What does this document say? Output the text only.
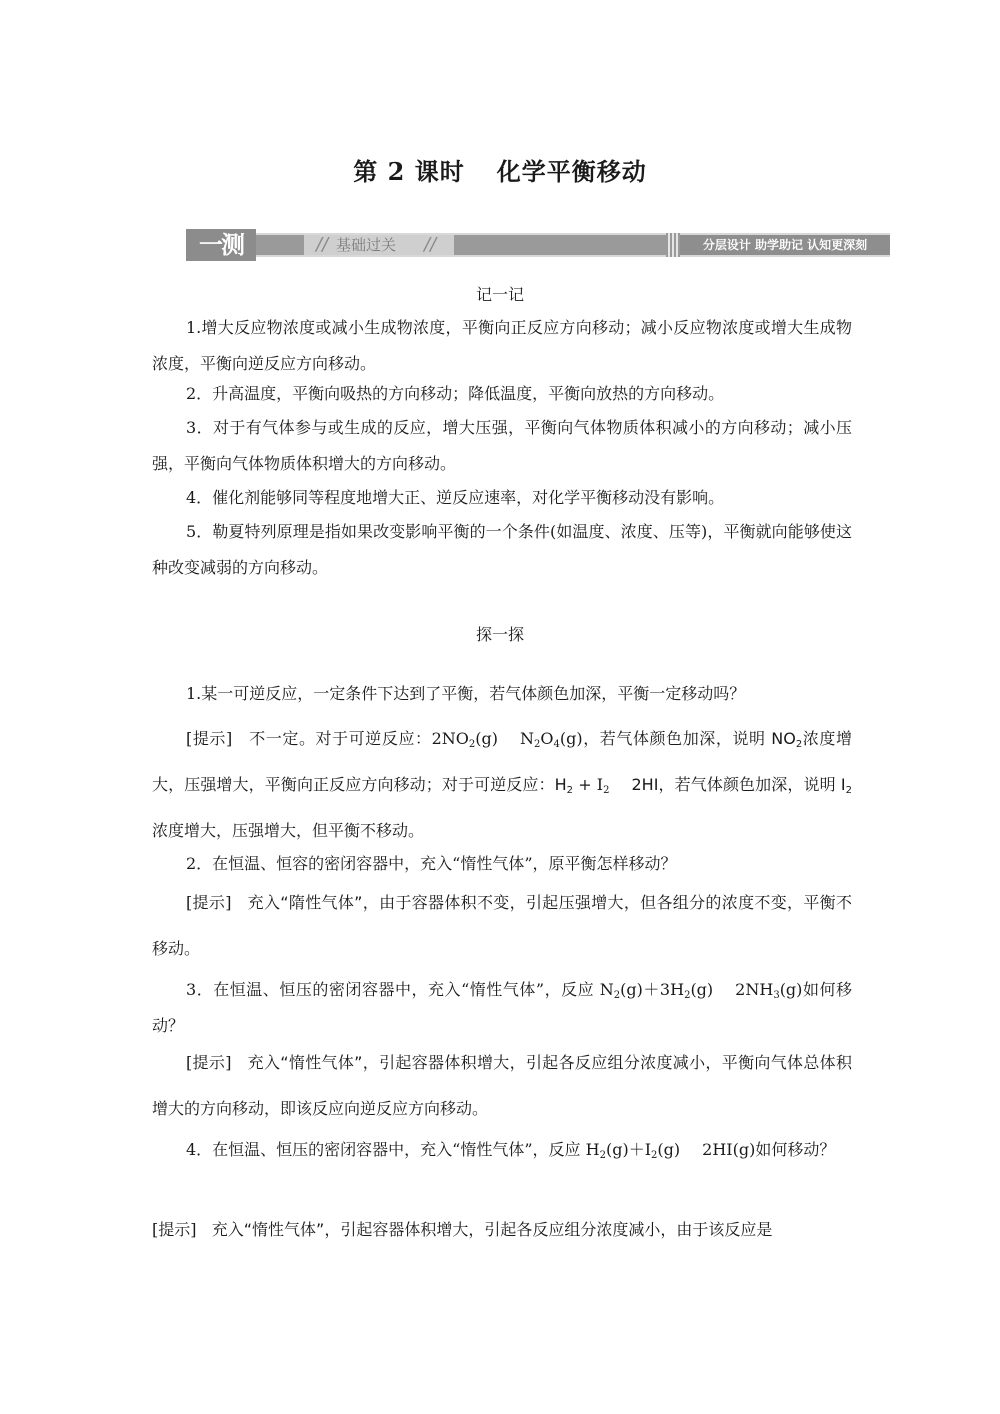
第 2 课时 化学平衡移动
一测	// 基础过关 //	分层设计 助学助记 认知更深刻
记一记
1.增大反应物浓度或减小生成物浓度，平衡向正反应方向移动；减小反应物浓度或增大生成物浓度，平衡向逆反应方向移动。
2．升高温度，平衡向吸热的方向移动；降低温度，平衡向放热的方向移动。
3．对于有气体参与或生成的反应，增大压强，平衡向气体物质体积减小的方向移动；减小压强，平衡向气体物质体积增大的方向移动。
4．催化剂能够同等程度地增大正、逆反应速率，对化学平衡移动没有影响。
5．勒夏特列原理是指如果改变影响平衡的一个条件(如温度、浓度、压等)，平衡就向能够使这种改变减弱的方向移动。
探一探
1.某一可逆反应，一定条件下达到了平衡，若气体颜色加深，平衡一定移动吗？
[提示] 不一定。对于可逆反应：$2NO_2(g)$ $N_2O_4(g)$，若气体颜色加深，说明 $NO_2$浓度增大，压强增大，平衡向正反应方向移动；对于可逆反应：$H_2 + I_2$ 2HI，若气体颜色加深，说明 $I_2$浓度增大，压强增大，但平衡不移动。
2．在恒温、恒容的密闭容器中，充入“惰性气体”，原平衡怎样移动？
[提示] 充入“隋性气体”，由于容器体积不变，引起压强增大，但各组分的浓度不变，平衡不移动。
3．在恒温、恒压的密闭容器中，充入“惰性气体”，反应 $N_2(g)+3H_2(g)$ $2NH_3(g)$如何移动？
[提示] 充入“惰性气体”，引起容器体积增大，引起各反应组分浓度减小，平衡向气体总体积增大的方向移动，即该反应向逆反应方向移动。
4．在恒温、恒压的密闭容器中，充入“惰性气体”，反应 $H_2(g)+I_2(g)$ 2HI(g)如何移动？
[提示] 充入“惰性气体”，引起容器体积增大，引起各反应组分浓度减小，由于该反应是
